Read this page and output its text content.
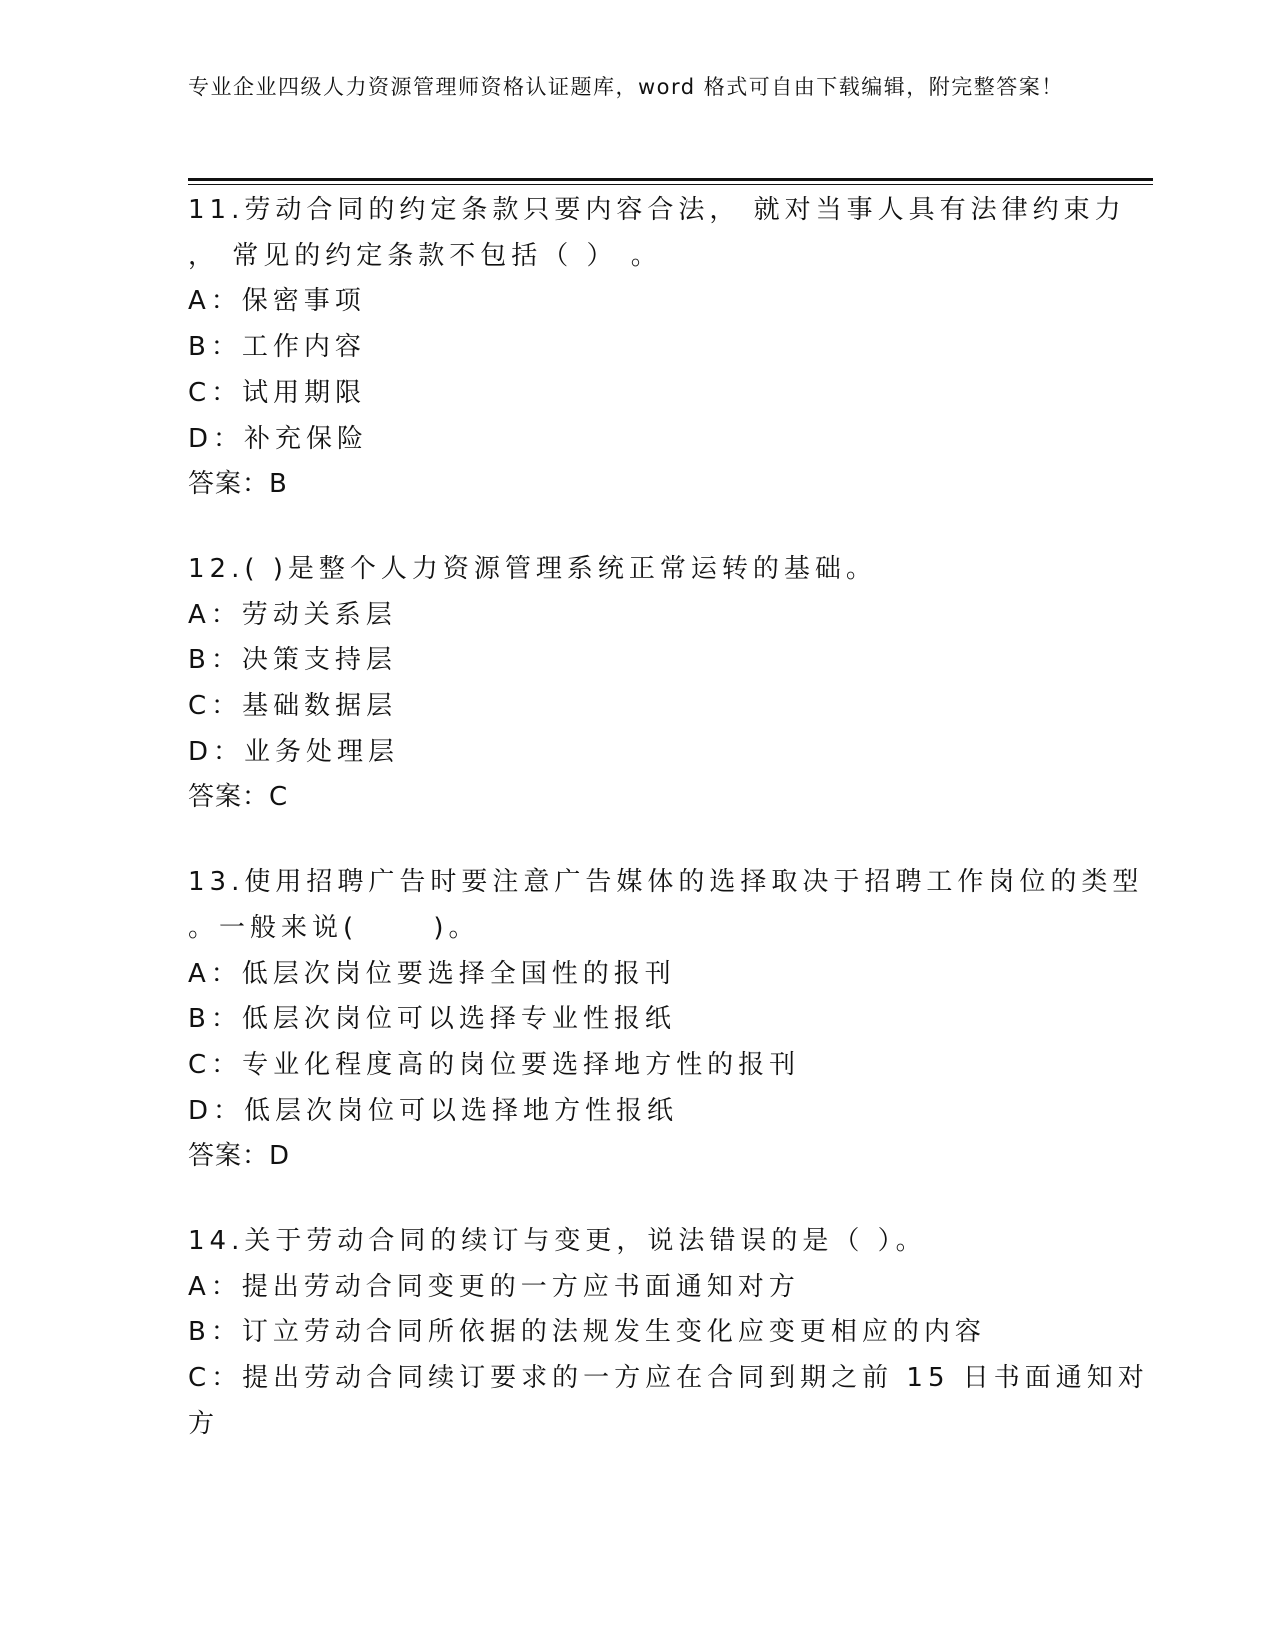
专业企业四级人力资源管理师资格认证题库，word 格式可自由下载编辑，附完整答案！
11.劳动合同的约定条款只要内容合法， 就对当事人具有法律约束力
， 常见的约定条款不包括（ ） 。
A：保密事项
B：工作内容
C：试用期限
D：补充保险
答案：B
12.( )是整个人力资源管理系统正常运转的基础。
A：劳动关系层
B：决策支持层
C：基础数据层
D：业务处理层
答案：C
13.使用招聘广告时要注意广告媒体的选择取决于招聘工作岗位的类型
。一般来说(　　 )。
A：低层次岗位要选择全国性的报刊
B：低层次岗位可以选择专业性报纸
C：专业化程度高的岗位要选择地方性的报刊
D：低层次岗位可以选择地方性报纸
答案：D
14.关于劳动合同的续订与变更，说法错误的是（ ）。
A：提出劳动合同变更的一方应书面通知对方
B：订立劳动合同所依据的法规发生变化应变更相应的内容
C：提出劳动合同续订要求的一方应在合同到期之前 15 日书面通知对
方
